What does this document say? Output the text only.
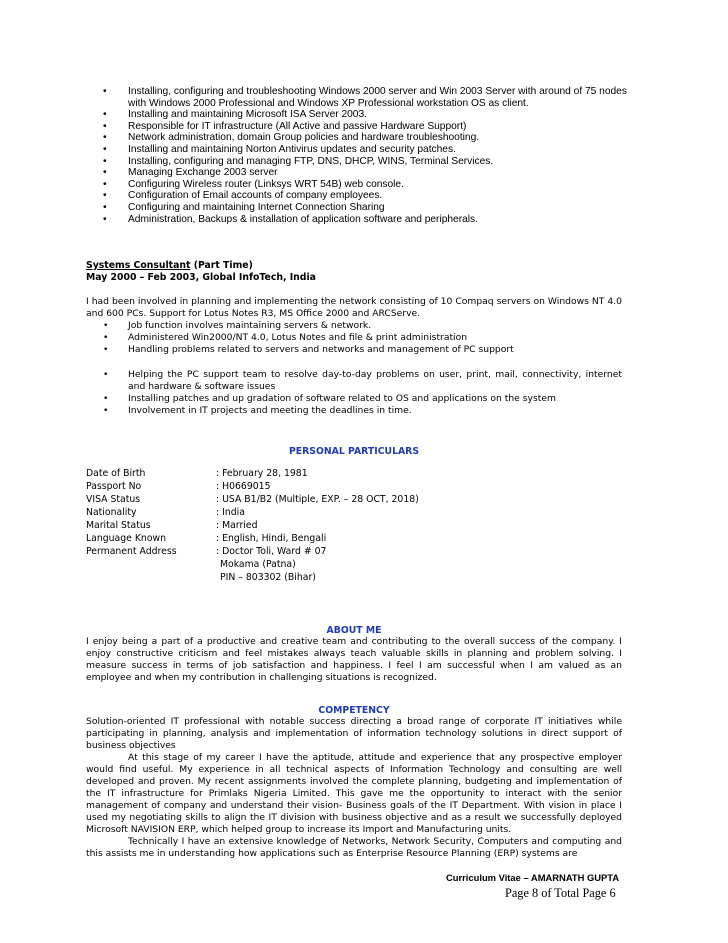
• Installing, configuring and troubleshooting Windows 2000 server and Win 2003 Server with around of 75 nodes with Windows 2000 Professional and Windows XP Professional workstation OS as client.
• Installing and maintaining Microsoft ISA Server 2003.
• Responsible for IT infrastructure (All Active and passive Hardware Support)
• Network administration, domain Group policies and hardware troubleshooting.
• Installing and maintaining Norton Antivirus updates and security patches.
• Installing, configuring and managing FTP, DNS, DHCP, WINS, Terminal Services.
• Managing Exchange 2003 server
• Configuring Wireless router (Linksys WRT 54B) web console.
• Configuration of Email accounts of company employees.
• Configuring and maintaining Internet Connection Sharing
• Administration, Backups & installation of application software and peripherals.
Systems Consultant (Part Time)
May 2000 – Feb 2003, Global InfoTech, India
I had been involved in planning and implementing the network consisting of 10 Compaq servers on Windows NT 4.0 and 600 PCs. Support for Lotus Notes R3, MS Office 2000 and ARCServe.
• Job function involves maintaining servers & network.
• Administered Win2000/NT 4.0, Lotus Notes and file & print administration
• Handling problems related to servers and networks and management of PC support
• Helping the PC support team to resolve day-to-day problems on user, print, mail, connectivity, internet and hardware & software issues
• Installing patches and up gradation of software related to OS and applications on the system
• Involvement in IT projects and meeting the deadlines in time.
PERSONAL PARTICULARS
Date of Birth	: February 28, 1981
Passport No	: H0669015
VISA Status	: USA B1/B2 (Multiple, EXP. – 28 OCT, 2018)
Nationality	: India
Marital Status	: Married
Language Known	: English, Hindi, Bengali
Permanent Address	: Doctor Toli, Ward # 07
Mokama (Patna)
PIN – 803302 (Bihar)
ABOUT ME
I enjoy being a part of a productive and creative team and contributing to the overall success of the company. I enjoy constructive criticism and feel mistakes always teach valuable skills in planning and problem solving. I measure success in terms of job satisfaction and happiness. I feel I am successful when I am valued as an employee and when my contribution in challenging situations is recognized.
COMPETENCY
Solution-oriented IT professional with notable success directing a broad range of corporate IT initiatives while participating in planning, analysis and implementation of information technology solutions in direct support of business objectives
At this stage of my career I have the aptitude, attitude and experience that any prospective employer would find useful. My experience in all technical aspects of Information Technology and consulting are well developed and proven. My recent assignments involved the complete planning, budgeting and implementation of the IT infrastructure for Primlaks Nigeria Limited. This gave me the opportunity to interact with the senior management of company and understand their vision- Business goals of the IT Department. With vision in place I used my negotiating skills to align the IT division with business objective and as a result we successfully deployed Microsoft NAVISION ERP, which helped group to increase its Import and Manufacturing units.
Technically I have an extensive knowledge of Networks, Network Security, Computers and computing and this assists me in understanding how applications such as Enterprise Resource Planning (ERP) systems are
Curriculum Vitae – AMARNATH GUPTA
Page 8 of Total Page 6
